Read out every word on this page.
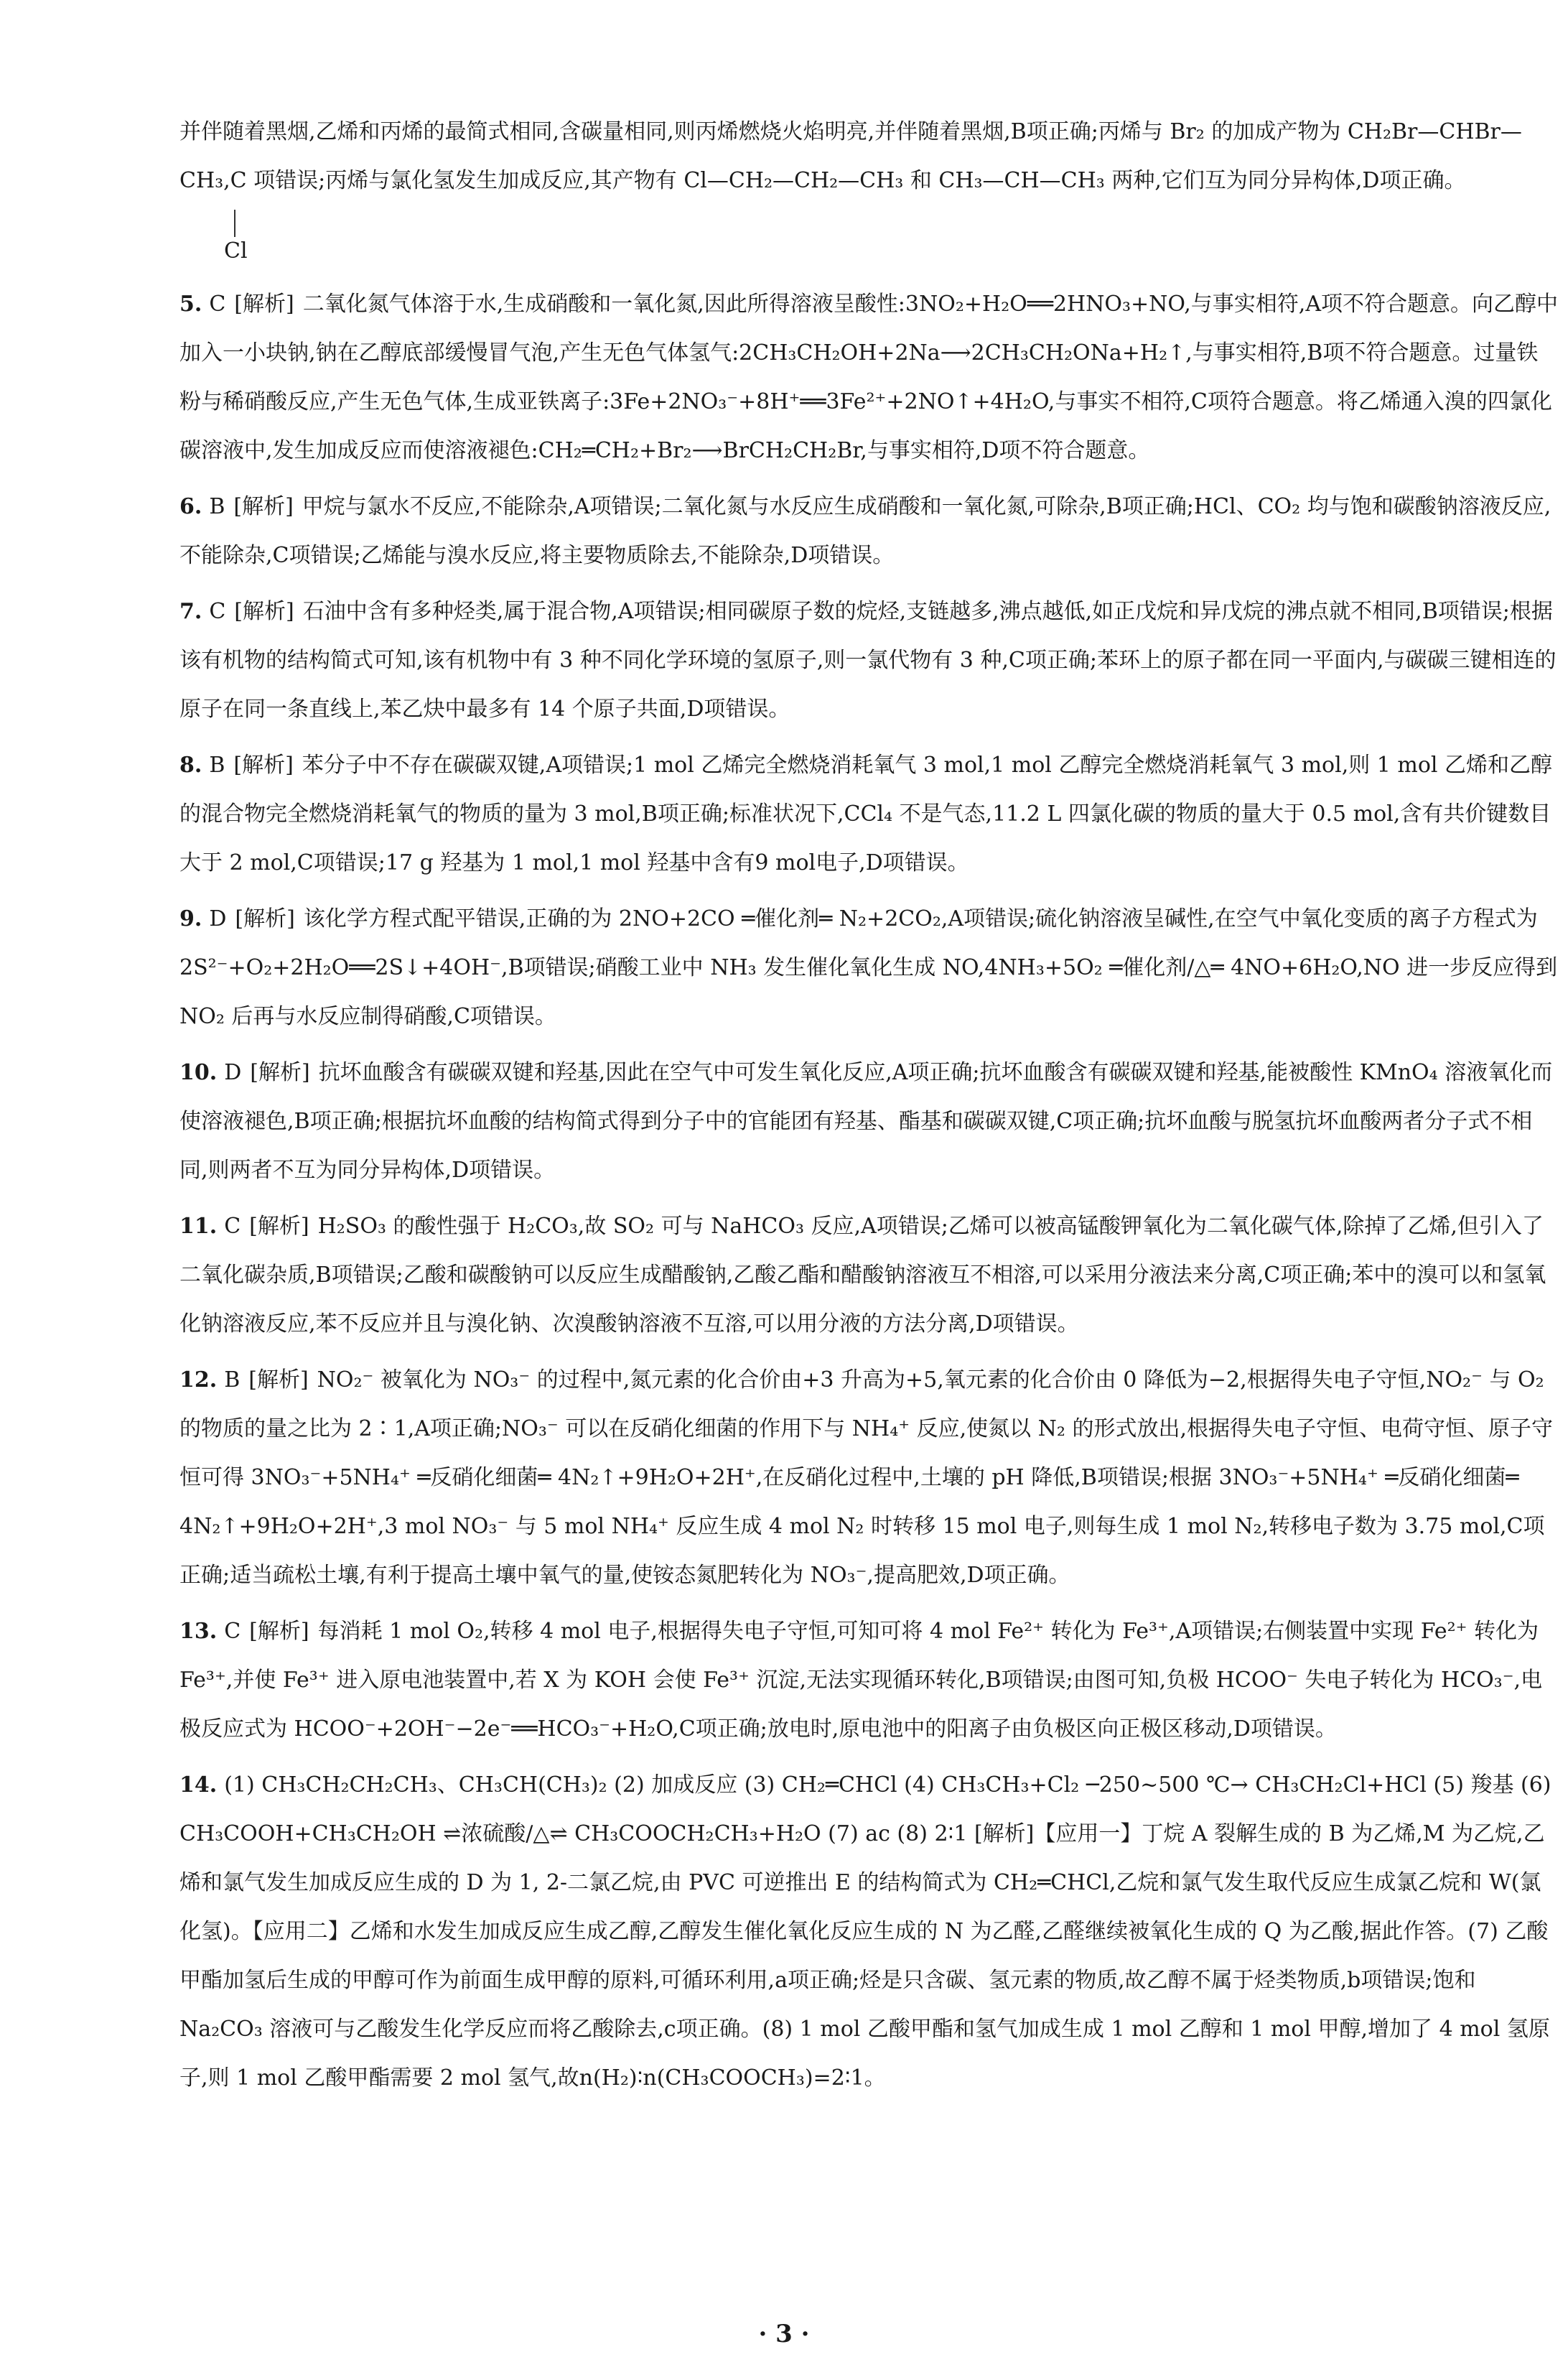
并伴随着黑烟,乙烯和丙烯的最简式相同,含碳量相同,则丙烯燃烧火焰明亮,并伴随着黑烟,B项正确;丙烯与 Br₂ 的加成产物为 CH₂Br—CHBr—CH₃,C 项错误;丙烯与氯化氢发生加成反应,其产物有 Cl—CH₂—CH₂—CH₃ 和 CH₃—CH—CH₃ 两种,它们互为同分异构体,D项正确。

Cl

5. C [解析] 二氧化氮气体溶于水,生成硝酸和一氧化氮,因此所得溶液呈酸性:3NO₂+H₂O══2HNO₃+NO,与事实相符,A项不符合题意。向乙醇中加入一小块钠,钠在乙醇底部缓慢冒气泡,产生无色气体氢气:2CH₃CH₂OH+2Na⟶2CH₃CH₂ONa+H₂↑,与事实相符,B项不符合题意。过量铁粉与稀硝酸反应,产生无色气体,生成亚铁离子:3Fe+2NO₃⁻+8H⁺══3Fe²⁺+2NO↑+4H₂O,与事实不相符,C项符合题意。将乙烯通入溴的四氯化碳溶液中,发生加成反应而使溶液褪色:CH₂═CH₂+Br₂⟶BrCH₂CH₂Br,与事实相符,D项不符合题意。

6. B [解析] 甲烷与氯水不反应,不能除杂,A项错误;二氧化氮与水反应生成硝酸和一氧化氮,可除杂,B项正确;HCl、CO₂ 均与饱和碳酸钠溶液反应,不能除杂,C项错误;乙烯能与溴水反应,将主要物质除去,不能除杂,D项错误。

7. C [解析] 石油中含有多种烃类,属于混合物,A项错误;相同碳原子数的烷烃,支链越多,沸点越低,如正戊烷和异戊烷的沸点就不相同,B项错误;根据该有机物的结构简式可知,该有机物中有 3 种不同化学环境的氢原子,则一氯代物有 3 种,C项正确;苯环上的原子都在同一平面内,与碳碳三键相连的原子在同一条直线上,苯乙炔中最多有 14 个原子共面,D项错误。

8. B [解析] 苯分子中不存在碳碳双键,A项错误;1 mol 乙烯完全燃烧消耗氧气 3 mol,1 mol 乙醇完全燃烧消耗氧气 3 mol,则 1 mol 乙烯和乙醇的混合物完全燃烧消耗氧气的物质的量为 3 mol,B项正确;标准状况下,CCl₄ 不是气态,11.2 L 四氯化碳的物质的量大于 0.5 mol,含有共价键数目大于 2 mol,C项错误;17 g 羟基为 1 mol,1 mol 羟基中含有9 mol电子,D项错误。

9. D [解析] 该化学方程式配平错误,正确的为 2NO+2CO ═催化剂═ N₂+2CO₂,A项错误;硫化钠溶液呈碱性,在空气中氧化变质的离子方程式为 2S²⁻+O₂+2H₂O══2S↓+4OH⁻,B项错误;硝酸工业中 NH₃ 发生催化氧化生成 NO,4NH₃+5O₂ ═催化剂/△═ 4NO+6H₂O,NO 进一步反应得到 NO₂ 后再与水反应制得硝酸,C项错误。

10. D [解析] 抗坏血酸含有碳碳双键和羟基,因此在空气中可发生氧化反应,A项正确;抗坏血酸含有碳碳双键和羟基,能被酸性 KMnO₄ 溶液氧化而使溶液褪色,B项正确;根据抗坏血酸的结构简式得到分子中的官能团有羟基、酯基和碳碳双键,C项正确;抗坏血酸与脱氢抗坏血酸两者分子式不相同,则两者不互为同分异构体,D项错误。

11. C [解析] H₂SO₃ 的酸性强于 H₂CO₃,故 SO₂ 可与 NaHCO₃ 反应,A项错误;乙烯可以被高锰酸钾氧化为二氧化碳气体,除掉了乙烯,但引入了二氧化碳杂质,B项错误;乙酸和碳酸钠可以反应生成醋酸钠,乙酸乙酯和醋酸钠溶液互不相溶,可以采用分液法来分离,C项正确;苯中的溴可以和氢氧化钠溶液反应,苯不反应并且与溴化钠、次溴酸钠溶液不互溶,可以用分液的方法分离,D项错误。

12. B [解析] NO₂⁻ 被氧化为 NO₃⁻ 的过程中,氮元素的化合价由+3 升高为+5,氧元素的化合价由 0 降低为−2,根据得失电子守恒,NO₂⁻ 与 O₂ 的物质的量之比为 2∶1,A项正确;NO₃⁻ 可以在反硝化细菌的作用下与 NH₄⁺ 反应,使氮以 N₂ 的形式放出,根据得失电子守恒、电荷守恒、原子守恒可得 3NO₃⁻+5NH₄⁺ ═反硝化细菌═ 4N₂↑+9H₂O+2H⁺,在反硝化过程中,土壤的 pH 降低,B项错误;根据 3NO₃⁻+5NH₄⁺ ═反硝化细菌═ 4N₂↑+9H₂O+2H⁺,3 mol NO₃⁻ 与 5 mol NH₄⁺ 反应生成 4 mol N₂ 时转移 15 mol 电子,则每生成 1 mol N₂,转移电子数为 3.75 mol,C项正确;适当疏松土壤,有利于提高土壤中氧气的量,使铵态氮肥转化为 NO₃⁻,提高肥效,D项正确。

13. C [解析] 每消耗 1 mol O₂,转移 4 mol 电子,根据得失电子守恒,可知可将 4 mol Fe²⁺ 转化为 Fe³⁺,A项错误;右侧装置中实现 Fe²⁺ 转化为 Fe³⁺,并使 Fe³⁺ 进入原电池装置中,若 X 为 KOH 会使 Fe³⁺ 沉淀,无法实现循环转化,B项错误;由图可知,负极 HCOO⁻ 失电子转化为 HCO₃⁻,电极反应式为 HCOO⁻+2OH⁻−2e⁻══HCO₃⁻+H₂O,C项正确;放电时,原电池中的阳离子由负极区向正极区移动,D项错误。

14. (1) CH₃CH₂CH₂CH₃、CH₃CH(CH₃)₂ (2) 加成反应 (3) CH₂═CHCl (4) CH₃CH₃+Cl₂ ─250~500 ℃→ CH₃CH₂Cl+HCl (5) 羧基 (6) CH₃COOH+CH₃CH₂OH ⇌浓硫酸/△⇌ CH₃COOCH₂CH₃+H₂O (7) ac (8) 2∶1 [解析]【应用一】丁烷 A 裂解生成的 B 为乙烯,M 为乙烷,乙烯和氯气发生加成反应生成的 D 为 1, 2-二氯乙烷,由 PVC 可逆推出 E 的结构简式为 CH₂═CHCl,乙烷和氯气发生取代反应生成氯乙烷和 W(氯化氢)。【应用二】乙烯和水发生加成反应生成乙醇,乙醇发生催化氧化反应生成的 N 为乙醛,乙醛继续被氧化生成的 Q 为乙酸,据此作答。(7) 乙酸甲酯加氢后生成的甲醇可作为前面生成甲醇的原料,可循环利用,a项正确;烃是只含碳、氢元素的物质,故乙醇不属于烃类物质,b项错误;饱和 Na₂CO₃ 溶液可与乙酸发生化学反应而将乙酸除去,c项正确。(8) 1 mol 乙酸甲酯和氢气加成生成 1 mol 乙醇和 1 mol 甲醇,增加了 4 mol 氢原子,则 1 mol 乙酸甲酯需要 2 mol 氢气,故n(H₂)∶n(CH₃COOCH₃)=2∶1。

· 3 ·
